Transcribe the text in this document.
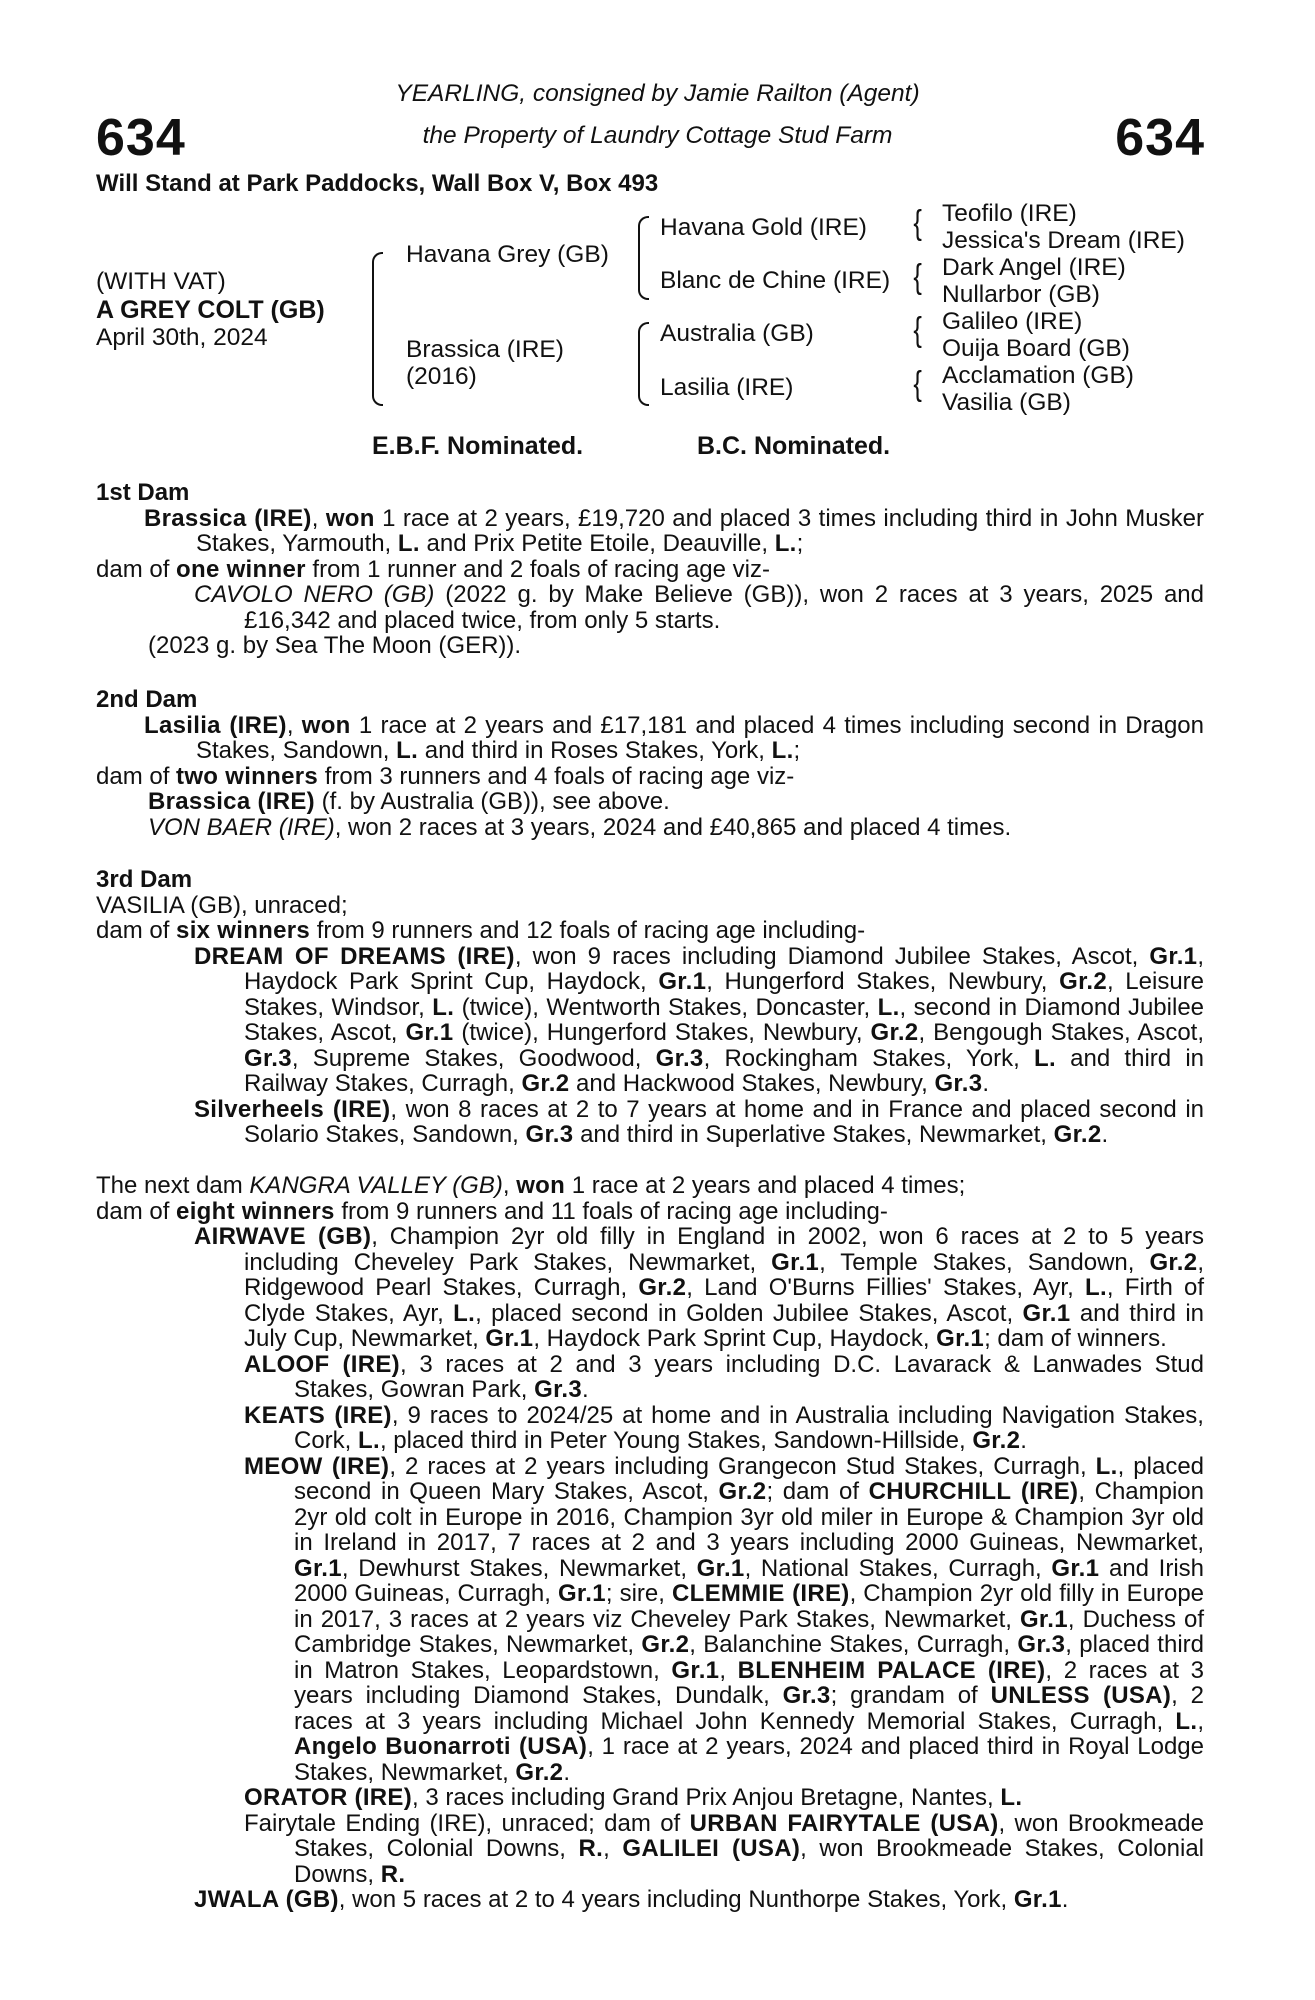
634	634
YEARLING, consigned by Jamie Railton (Agent)
the Property of Laundry Cottage Stud Farm
Will Stand at Park Paddocks, Wall Box V, Box 493
(WITH VAT)
A GREY COLT (GB)
April 30th, 2024
Havana Grey (GB)
Brassica (IRE)
(2016)
Havana Gold (IRE)
Blanc de Chine (IRE)
Australia (GB)
Lasilia (IRE)
{
{
{
{
Teofilo (IRE)
Jessica's Dream (IRE)
Dark Angel (IRE)
Nullarbor (GB)
Galileo (IRE)
Ouija Board (GB)
Acclamation (GB)
Vasilia (GB)
E.B.F. Nominated.	B.C. Nominated.
1st Dam

Brassica (IRE), won 1 race at 2 years, £19,720 and placed 3 times including third in John Musker Stakes, Yarmouth, L. and Prix Petite Etoile, Deauville, L.;

dam of one winner from 1 runner and 2 foals of racing age viz-

CAVOLO NERO (GB) (2022 g. by Make Believe (GB)), won 2 races at 3 years, 2025 and £16,342 and placed twice, from only 5 starts.

(2023 g. by Sea The Moon (GER)).

2nd Dam

Lasilia (IRE), won 1 race at 2 years and £17,181 and placed 4 times including second in Dragon Stakes, Sandown, L. and third in Roses Stakes, York, L.;

dam of two winners from 3 runners and 4 foals of racing age viz-

Brassica (IRE) (f. by Australia (GB)), see above.

VON BAER (IRE), won 2 races at 3 years, 2024 and £40,865 and placed 4 times.

3rd Dam

VASILIA (GB), unraced;

dam of six winners from 9 runners and 12 foals of racing age including-

DREAM OF DREAMS (IRE), won 9 races including Diamond Jubilee Stakes, Ascot, Gr.1, Haydock Park Sprint Cup, Haydock, Gr.1, Hungerford Stakes, Newbury, Gr.2, Leisure Stakes, Windsor, L. (twice), Wentworth Stakes, Doncaster, L., second in Diamond Jubilee Stakes, Ascot, Gr.1 (twice), Hungerford Stakes, Newbury, Gr.2, Bengough Stakes, Ascot, Gr.3, Supreme Stakes, Goodwood, Gr.3, Rockingham Stakes, York, L. and third in Railway Stakes, Curragh, Gr.2 and Hackwood Stakes, Newbury, Gr.3.

Silverheels (IRE), won 8 races at 2 to 7 years at home and in France and placed second in Solario Stakes, Sandown, Gr.3 and third in Superlative Stakes, Newmarket, Gr.2.

The next dam KANGRA VALLEY (GB), won 1 race at 2 years and placed 4 times;

dam of eight winners from 9 runners and 11 foals of racing age including-

AIRWAVE (GB), Champion 2yr old filly in England in 2002, won 6 races at 2 to 5 years including Cheveley Park Stakes, Newmarket, Gr.1, Temple Stakes, Sandown, Gr.2, Ridgewood Pearl Stakes, Curragh, Gr.2, Land O'Burns Fillies' Stakes, Ayr, L., Firth of Clyde Stakes, Ayr, L., placed second in Golden Jubilee Stakes, Ascot, Gr.1 and third in July Cup, Newmarket, Gr.1, Haydock Park Sprint Cup, Haydock, Gr.1; dam of winners.

ALOOF (IRE), 3 races at 2 and 3 years including D.C. Lavarack & Lanwades Stud Stakes, Gowran Park, Gr.3.

KEATS (IRE), 9 races to 2024/25 at home and in Australia including Navigation Stakes, Cork, L., placed third in Peter Young Stakes, Sandown-Hillside, Gr.2.

MEOW (IRE), 2 races at 2 years including Grangecon Stud Stakes, Curragh, L., placed second in Queen Mary Stakes, Ascot, Gr.2; dam of CHURCHILL (IRE), Champion 2yr old colt in Europe in 2016, Champion 3yr old miler in Europe & Champion 3yr old in Ireland in 2017, 7 races at 2 and 3 years including 2000 Guineas, Newmarket, Gr.1, Dewhurst Stakes, Newmarket, Gr.1, National Stakes, Curragh, Gr.1 and Irish 2000 Guineas, Curragh, Gr.1; sire, CLEMMIE (IRE), Champion 2yr old filly in Europe in 2017, 3 races at 2 years viz Cheveley Park Stakes, Newmarket, Gr.1, Duchess of Cambridge Stakes, Newmarket, Gr.2, Balanchine Stakes, Curragh, Gr.3, placed third in Matron Stakes, Leopardstown, Gr.1, BLENHEIM PALACE (IRE), 2 races at 3 years including Diamond Stakes, Dundalk, Gr.3; grandam of UNLESS (USA), 2 races at 3 years including Michael John Kennedy Memorial Stakes, Curragh, L., Angelo Buonarroti (USA), 1 race at 2 years, 2024 and placed third in Royal Lodge Stakes, Newmarket, Gr.2.

ORATOR (IRE), 3 races including Grand Prix Anjou Bretagne, Nantes, L.

Fairytale Ending (IRE), unraced; dam of URBAN FAIRYTALE (USA), won Brookmeade Stakes, Colonial Downs, R., GALILEI (USA), won Brookmeade Stakes, Colonial Downs, R.

JWALA (GB), won 5 races at 2 to 4 years including Nunthorpe Stakes, York, Gr.1.
